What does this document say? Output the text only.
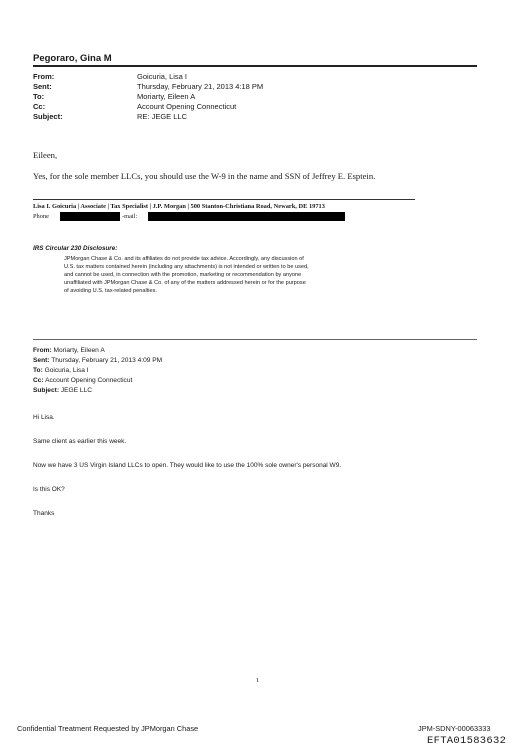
Pegoraro, Gina M
From:	Goicuria, Lisa I
Sent:	Thursday, February 21, 2013 4:18 PM
To:	Moriarty, Eileen A
Cc:	Account Opening Connecticut
Subject:	RE: JEGE LLC
Eileen,
Yes, for the sole member LLCs, you should use the W-9 in the name and SSN of Jeffrey E. Esptein.
Lisa I. Goicuria | Associate | Tax Specialist | J.P. Morgan | 500 Stanton-Christiana Road, Newark, DE 19713
Phone	-mail:
IRS Circular 230 Disclosure:
JPMorgan Chase & Co. and its affiliates do not provide tax advice. Accordingly, any discussion of
U.S. tax matters contained herein (including any attachments) is not intended or written to be used,
and cannot be used, in connection with the promotion, marketing or recommendation by anyone
unaffiliated with JPMorgan Chase & Co. of any of the matters addressed herein or for the purpose
of avoiding U.S. tax-related penalties.
From: Moriarty, Eileen A
Sent: Thursday, February 21, 2013 4:09 PM
To: Goicuria, Lisa I
Cc: Account Opening Connecticut
Subject: JEGE LLC
Hi Lisa.
Same client as earlier this week.
Now we have 3 US Virgin Island LLCs to open. They would like to use the 100% sole owner's personal W9.
Is this OK?
Thanks
1
Confidential Treatment Requested by JPMorgan Chase	JPM-SDNY-00063333
EFTA01583632
